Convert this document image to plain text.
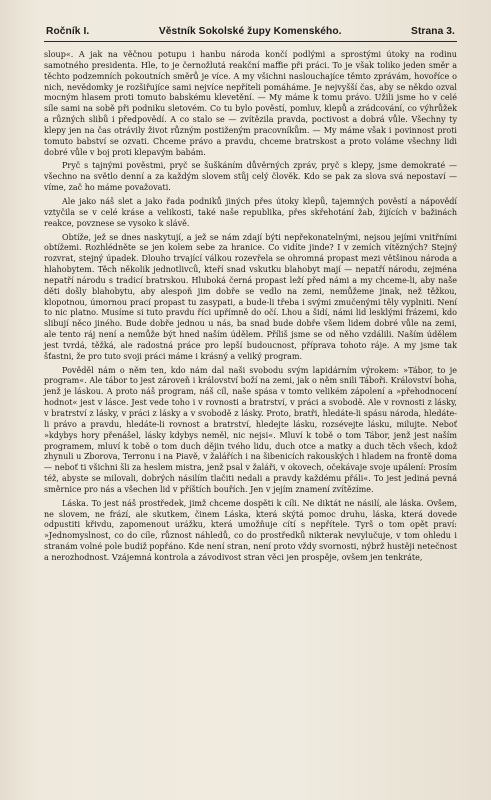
Ročník I.	Věstník Sokolské župy Komenského.	Strana 3.

sloup«. A jak na věčnou potupu i hanbu národa končí podlými a sprostými útoky na rodinu samotného presidenta. Hle, to je černožlutá reakční maffie při práci. To je však toliko jeden směr a těchto podzemních pokoutních směrů je více. A my všichni naslouchajíce těmto zprávám, hovoříce o nich, nevědomky je rozšiřujíce sami nejvíce nepříteli pomáháme. Je nejvyšší čas, aby se někdo ozval mocným hlasem proti tomuto babskému klevetění. — My máme k tomu právo. Užili jsme ho v celé síle sami na sobě při podniku sletovém. Co tu bylo pověstí, pomluv, klepů a zrádcování, co výhrůžek a různých slibů i předpovědí. A co stalo se — zvítězila pravda, poctivost a dobrá vůle. Všechny ty klepy jen na čas otrávily život různým postiženým pracovníkům. — My máme však i povinnost proti tomuto babství se ozvati. Chceme právo a pravdu, chceme bratrskost a proto voláme všechny lidi dobré vůle v boj proti klepavým babám.

Pryč s tajnými pověstmi, pryč se šuškáním důvěrných zpráv, pryč s klepy, jsme demokraté — všechno na světlo denní a za každým slovem stůj celý člověk. Kdo se pak za slova svá nepostaví — víme, zač ho máme považovati.

Ale jako náš slet a jako řada podniků jiných přes útoky klepů, tajemných pověstí a nápovědí vztyčila se v celé kráse a velikosti, také naše republika, přes skřehotání žab, žijících v bažinách reakce, povznese se vysoko k slávě.

Obtíže, jež se dnes naskytují, a jež se nám zdají býti nepřekonatelnými, nejsou jejími vnitřními obtížemi. Rozhlédněte se jen kolem sebe za hranice. Co vidíte jinde? I v zemích vítězných? Stejný rozvrat, stejný úpadek. Dlouho trvající válkou rozevřela se ohromná propast mezi většinou národa a hlahobytem. Těch několik jednotlivců, kteří snad vskutku blahobyt mají — nepatří národu, zejména nepatří národu s tradicí bratrskou. Hluboká černá propast leží před námi a my chceme-li, aby naše děti došly blahobytu, aby alespoň jim dobře se vedlo na zemi, nemůžeme jinak, než těžkou, klopotnou, úmornou prací propast tu zasypati, a bude-li třeba i svými zmučenými těly vyplniti. Není to nic platno. Musíme si tuto pravdu říci upřímně do očí. Lhou a šidí, námi lid lesklými frázemi, kdo slibují něco jiného. Bude dobře jednou u nás, ba snad bude dobře všem lidem dobré vůle na zemi, ale tento ráj není a nemůže být hned naším údělem. Příliš jsme se od něho vzdálili. Naším údělem jest tvrdá, těžká, ale radostná práce pro lepší budoucnost, příprava tohoto ráje. A my jsme tak šťastni, že pro tuto svoji práci máme i krásný a veliký program.

Pověděl nám o něm ten, kdo nám dal naši svobodu svým lapidárním výrokem: »Tábor, to je program«. Ale tábor to jest zároveň i království boží na zemi, jak o něm snili Táboři. Království boha, jenž je láskou. A proto náš program, náš cíl, naše spása v tomto velikém zápolení a »přehodnocení hodnot« jest v lásce. Jest vede toho i v rovnosti a bratrství, v práci a svobodě. Ale v rovnosti z lásky, v bratrství z lásky, v práci z lásky a v svobodě z lásky. Proto, bratři, hledáte-li spásu národa, hledáte-li právo a pravdu, hledáte-li rovnost a bratrství, hledejte lásku, rozsévejte lásku, milujte. Neboť »kdybys hory přenášel, lásky kdybys neměl, nic nejsi«. Mluví k tobě o tom Tábor, jenž jest naším programem, mluví k tobě o tom duch dějin tvého lidu, duch otce a matky a duch těch všech, kdož zhynuli u Zborova, Terronu i na Piavě, v žalářích i na šibenicích rakouských i hladem na frontě doma — neboť ti všichni šli za heslem mistra, jenž psal v žaláři, v okovech, očekávaje svoje upálení: Prosím též, abyste se milovali, dobrých násilím tlačiti nedali a pravdy každému přáli«. To jest jediná pevná směrnice pro nás a všechen lid v příštích bouřích. Jen v jejím znamení zvítězíme.

Láska. To jest náš prostředek, jimž chceme dospěti k cíli. Ne diktát ne násilí, ale láska. Ovšem, ne slovem, ne frází, ale skutkem, činem Láska, která skýtá pomoc druhu, láska, která dovede odpustiti křivdu, zapomenout urážku, která umožňuje cítí s nepřítele. Tyrš o tom opět praví: »Jednomyslnost, co do cíle, různost náhledů, co do prostředků nikterak nevylučuje, v tom ohledu i stranám volné pole budiž popřáno. Kde není stran, není proto vždy svornosti, nýbrž hustěji netečnost a nerozhodnost. Vzájemná kontrola a závodivost stran věci jen prospěje, ovšem jen tenkráte,
